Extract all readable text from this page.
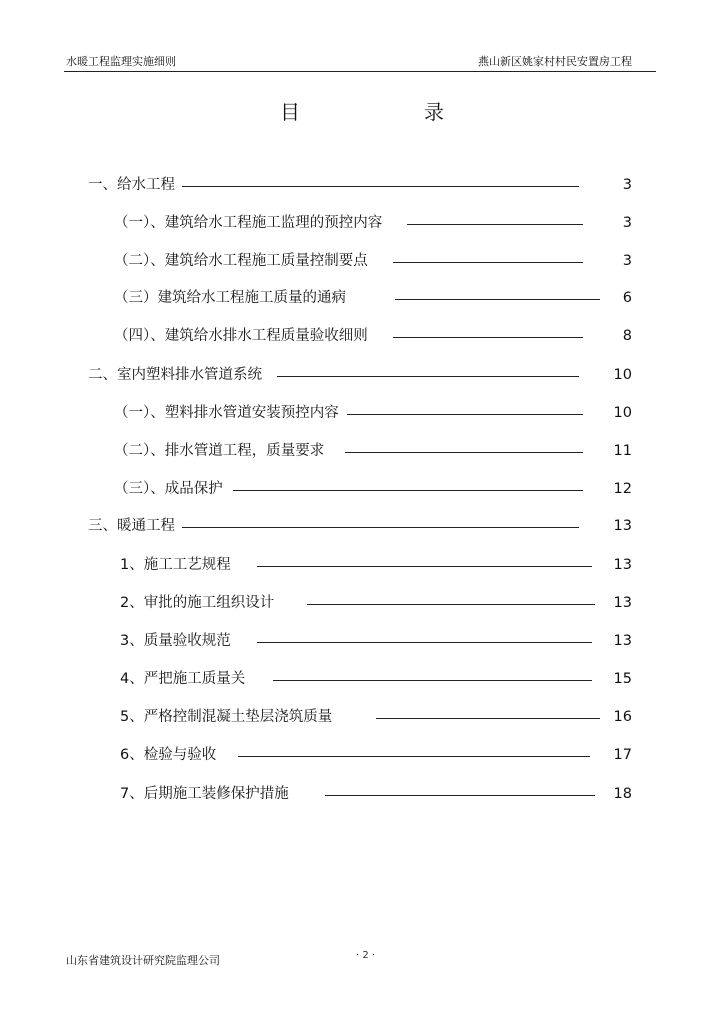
水暖工程监理实施细则	燕山新区姚家村村民安置房工程
目　录
一、给水工程	3
（一）、建筑给水工程施工监理的预控内容	3
（二）、建筑给水工程施工质量控制要点	3
（三）建筑给水工程施工质量的通病	6
（四）、建筑给水排水工程质量验收细则	8
二、室内塑料排水管道系统	10
（一）、塑料排水管道安装预控内容	10
（二）、排水管道工程，质量要求	11
（三）、成品保护	12
三、暖通工程	13
1、施工工艺规程	13
2、审批的施工组织设计	13
3、质量验收规范	13
4、严把施工质量关	15
5、严格控制混凝土垫层浇筑质量	16
6、检验与验收	17
7、后期施工装修保护措施	18
山东省建筑设计研究院监理公司	· 2 ·
